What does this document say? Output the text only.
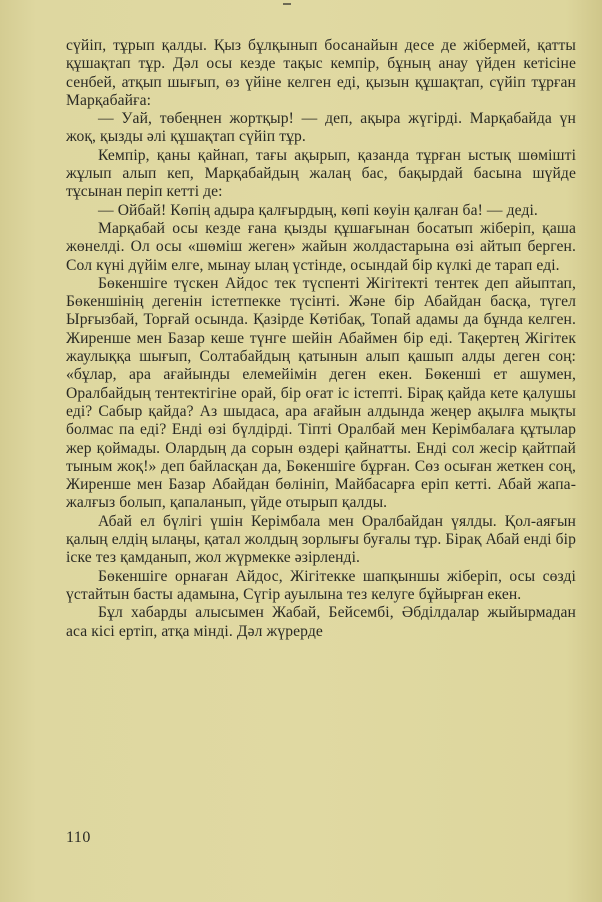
сүйіп, тұрып қалды. Қыз бұлқынып босанайын десе де жібермей, қатты құшақтап тұр. Дәл осы кезде тақыс кемпір, бұның анау үйден кетісіне сенбей, атқып шығып, өз үйіне келген еді, қызын құшақтап, сүйіп тұрған Марқабайға:

— Уай, төбеңнен жортқыр! — деп, ақыра жүгірді. Марқабайда үн жоқ, қызды әлі құшақтап сүйіп тұр.

Кемпір, қаны қайнап, тағы ақырып, қазанда тұрған ыстық шөмішті жұлып алып кеп, Марқабайдың жалаң бас, бақырдай басына шүйде тұсынан періп кетті де:

— Ойбай! Көпің адыра қалғырдың, көпі көуін қалған ба! — деді.

Марқабай осы кезде ғана қызды құшағынан босатып жіберіп, қаша жөнелді. Ол осы «шөміш жеген» жайын жолдастарына өзі айтып берген. Сол күні дүйім елге, мынау ылаң үстінде, осындай бір күлкі де тарап еді.

Бөкеншіге түскен Айдос тек түспенті Жігітекті тентек деп айыптап, Бөкеншінің дегенін істетпекке түсінті. Және бір Абайдан басқа, түгел Ырғызбай, Торғай осында. Қазірде Көтібақ, Топай адамы да бұнда келген. Жиренше мен Базар кеше түнге шейін Абаймен бір еді. Тақертең Жігітек жаулыққа шығып, Солтабайдың қатынын алып қашып алды деген соң: «бұлар, ара ағайынды елемейімін деген екен. Бөкенші ет ашумен, Оралбайдың тентектігіне орай, бір оғат іс істепті. Бірақ қайда кете қалушы еді? Сабыр қайда? Аз шыдаса, ара ағайын алдында жеңер ақылға мықты болмас па еді? Енді өзі бүлдірді. Тіпті Оралбай мен Керімбалаға құтылар жер қоймады. Олардың да сорын өздері қайнатты. Енді сол жесір қайтпай тыным жоқ!» деп байласқан да, Бөкеншіге бұрған. Сөз осыған жеткен соң, Жиренше мен Базар Абайдан бөлініп, Майбасарға еріп кетті. Абай жапа-жалғыз болып, қапаланып, үйде отырып қалды.

Абай ел бүлігі үшін Керімбала мен Оралбайдан үялды. Қол-аяғын қалың елдің ылаңы, қатал жолдың зорлығы буғалы тұр. Бірақ Абай енді бір іске тез қамданып, жол жүрмекке әзірленді.

Бөкеншіге орнаған Айдос, Жігітекке шапқыншы жіберіп, осы сөзді үстайтын басты адамына, Сүгір ауылына тез келуге бұйырған екен.

Бұл хабарды алысымен Жабай, Бейсембі, Әбділдалар жыйырмадан аса кісі ертіп, атқа мінді. Дәл жүрерде

110
